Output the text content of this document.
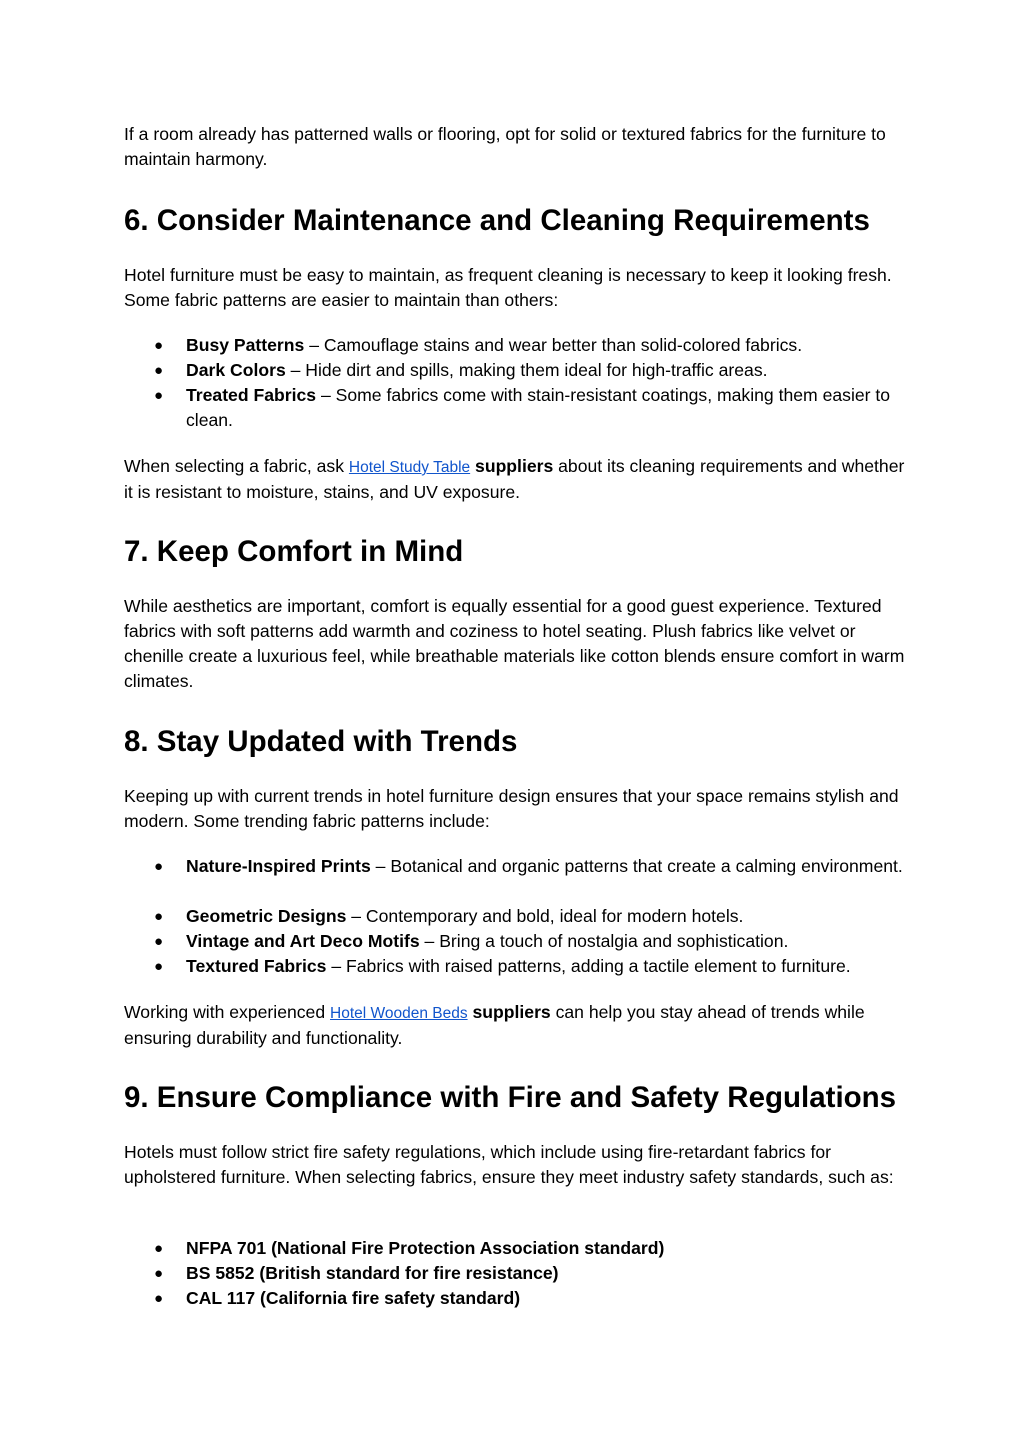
If a room already has patterned walls or flooring, opt for solid or textured fabrics for the furniture to maintain harmony.

6. Consider Maintenance and Cleaning Requirements

Hotel furniture must be easy to maintain, as frequent cleaning is necessary to keep it looking fresh. Some fabric patterns are easier to maintain than others:

● Busy Patterns – Camouflage stains and wear better than solid-colored fabrics.
● Dark Colors – Hide dirt and spills, making them ideal for high-traffic areas.
● Treated Fabrics – Some fabrics come with stain-resistant coatings, making them easier to clean.

When selecting a fabric, ask Hotel Study Table suppliers about its cleaning requirements and whether it is resistant to moisture, stains, and UV exposure.

7. Keep Comfort in Mind

While aesthetics are important, comfort is equally essential for a good guest experience. Textured fabrics with soft patterns add warmth and coziness to hotel seating. Plush fabrics like velvet or chenille create a luxurious feel, while breathable materials like cotton blends ensure comfort in warm climates.

8. Stay Updated with Trends

Keeping up with current trends in hotel furniture design ensures that your space remains stylish and modern. Some trending fabric patterns include:

● Nature-Inspired Prints – Botanical and organic patterns that create a calming environment.
● Geometric Designs – Contemporary and bold, ideal for modern hotels.
● Vintage and Art Deco Motifs – Bring a touch of nostalgia and sophistication.
● Textured Fabrics – Fabrics with raised patterns, adding a tactile element to furniture.

Working with experienced Hotel Wooden Beds suppliers can help you stay ahead of trends while ensuring durability and functionality.

9. Ensure Compliance with Fire and Safety Regulations

Hotels must follow strict fire safety regulations, which include using fire-retardant fabrics for upholstered furniture. When selecting fabrics, ensure they meet industry safety standards, such as:

● NFPA 701 (National Fire Protection Association standard)
● BS 5852 (British standard for fire resistance)
● CAL 117 (California fire safety standard)
